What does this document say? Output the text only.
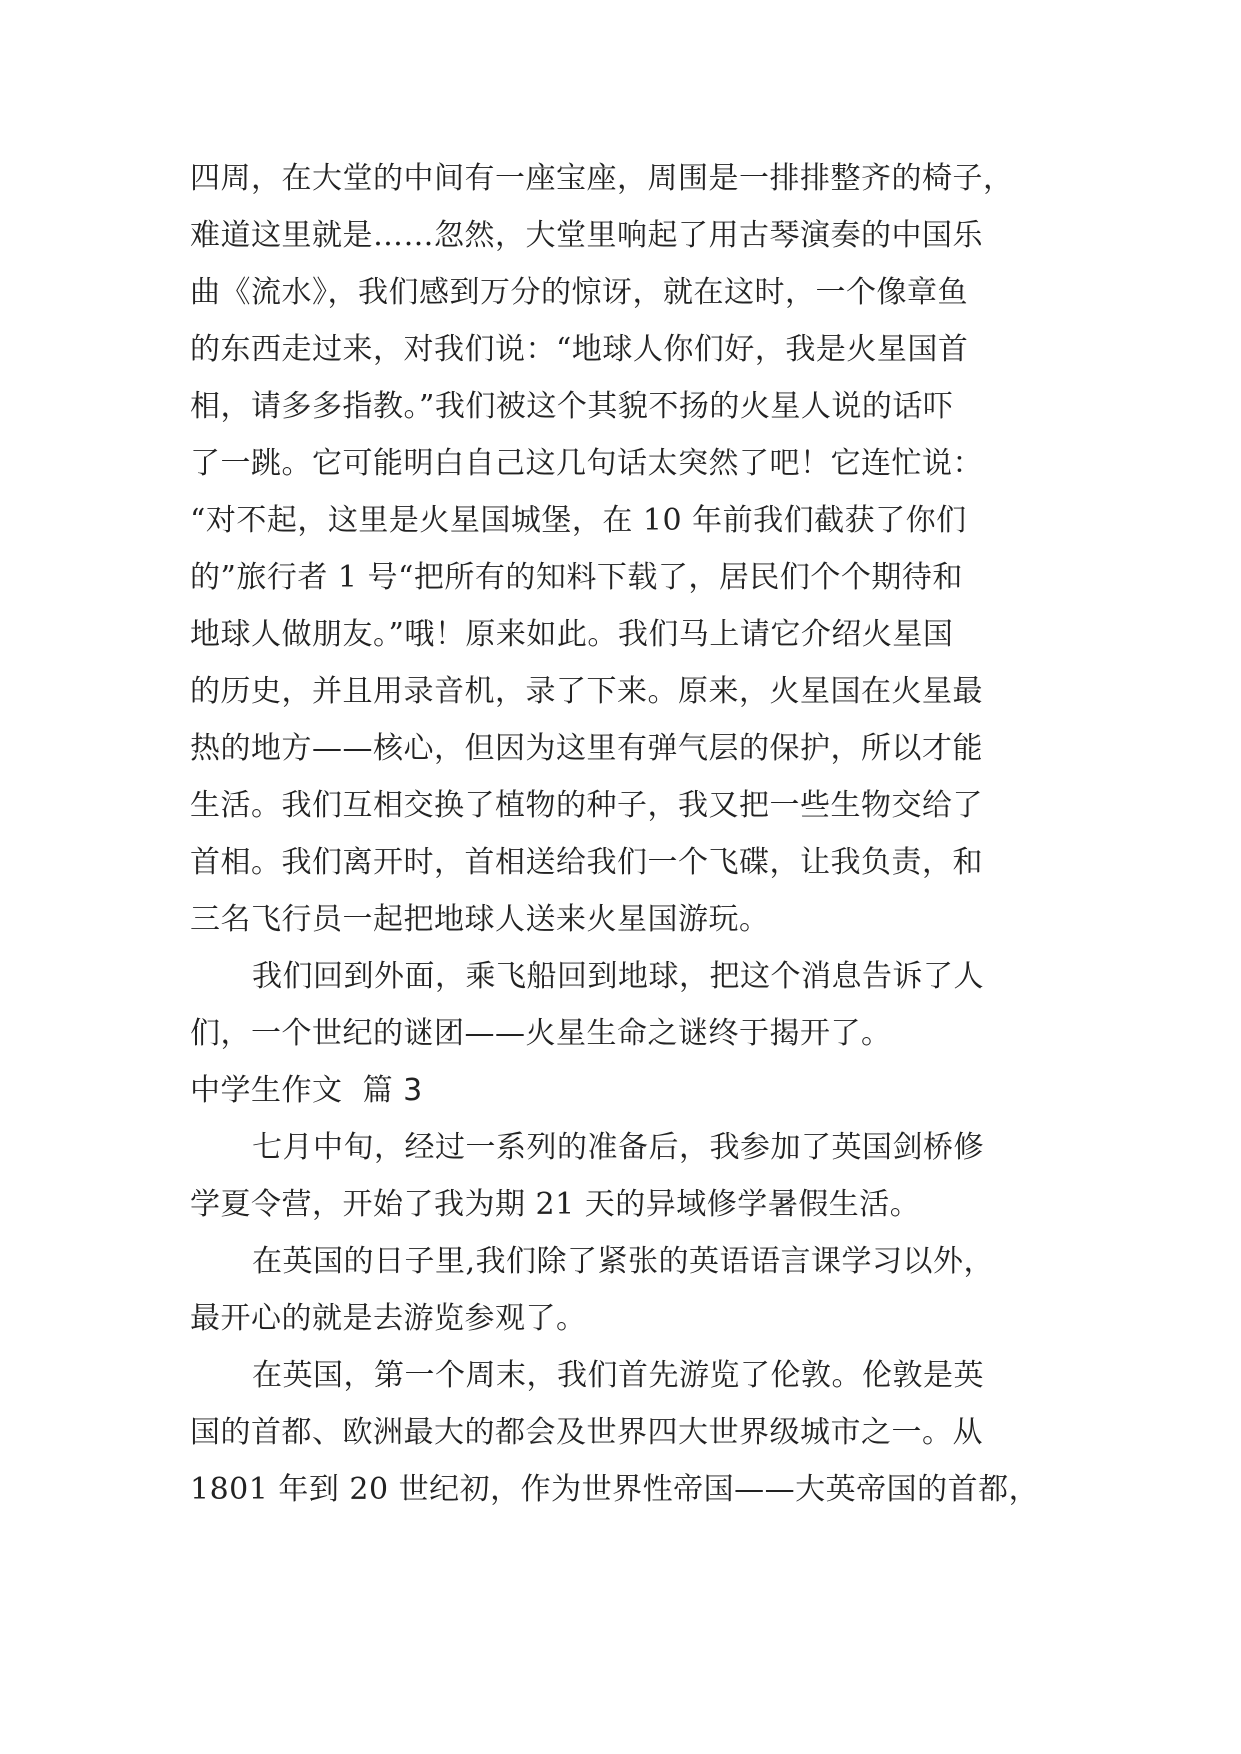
四周，在大堂的中间有一座宝座，周围是一排排整齐的椅子，
难道这里就是……忽然，大堂里响起了用古琴演奏的中国乐
曲《流水》，我们感到万分的惊讶，就在这时，一个像章鱼
的东西走过来，对我们说：“地球人你们好，我是火星国首
相，请多多指教。”我们被这个其貌不扬的火星人说的话吓
了一跳。它可能明白自己这几句话太突然了吧！它连忙说：
“对不起，这里是火星国城堡，在 10 年前我们截获了你们
的”旅行者 1 号“把所有的知料下载了，居民们个个期待和
地球人做朋友。”哦！原来如此。我们马上请它介绍火星国
的历史，并且用录音机，录了下来。原来，火星国在火星最
热的地方——核心，但因为这里有弹气层的保护，所以才能
生活。我们互相交换了植物的种子，我又把一些生物交给了
首相。我们离开时，首相送给我们一个飞碟，让我负责，和
三名飞行员一起把地球人送来火星国游玩。

我们回到外面，乘飞船回到地球，把这个消息告诉了人
们，一个世纪的谜团——火星生命之谜终于揭开了。

中学生作文  篇 3

七月中旬，经过一系列的准备后，我参加了英国剑桥修
学夏令营，开始了我为期 21 天的异域修学暑假生活。

在英国的日子里,我们除了紧张的英语语言课学习以外，
最开心的就是去游览参观了。

在英国，第一个周末，我们首先游览了伦敦。伦敦是英
国的首都、欧洲最大的都会及世界四大世界级城市之一。从
1801 年到 20 世纪初，作为世界性帝国——大英帝国的首都，
